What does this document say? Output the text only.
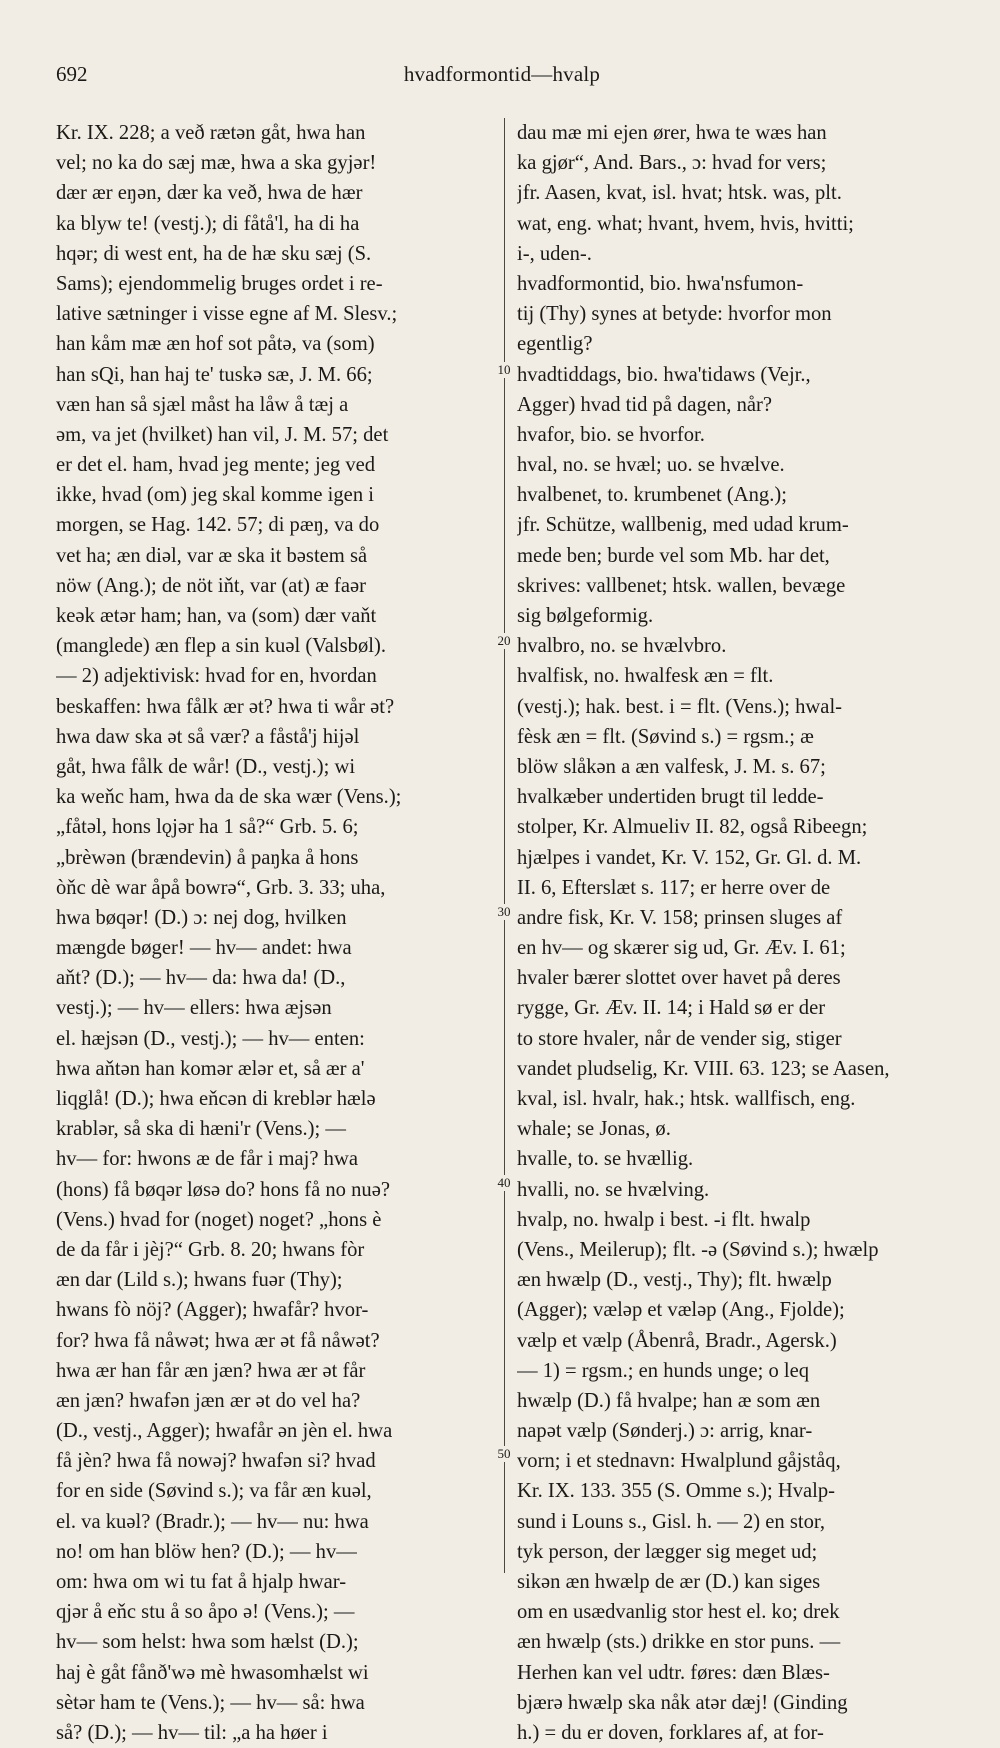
692	hvadformontid—hvalp
Kr. IX. 228; a veð rætən gåt, hwa han
vel; no ka do sæj mæ, hwa a ska gyjər!
dær ær eŋən, dær ka veð, hwa de hær
ka blyw te! (vestj.); di fåtå'l, ha di ha
hqər; di west ent, ha de hæ sku sæj (S.
Sams); ejendommelig bruges ordet i re-
lative sætninger i visse egne af M. Slesv.;
han kåm mæ æn hof sot påtə, va (som)
han sQi, han haj te' tuskə sæ, J. M. 66;
væn han så sjæl måst ha låw å tæj a
əm, va jet (hvilket) han vil, J. M. 57; det
er det el. ham, hvad jeg mente; jeg ved
ikke, hvad (om) jeg skal komme igen i
morgen, se Hag. 142. 57; di pæŋ, va do
vet ha; æn diəl, var æ ska it bəstem så
nöw (Ang.); de nöt iňt, var (at) æ faər
keək ætər ham; han, va (som) dær vaňt
(manglede) æn flep a sin kuəl (Valsbøl).
— 2) adjektivisk: hvad for en, hvordan
beskaffen: hwa fålk ær ət? hwa ti wår ət?
hwa daw ska ət så vær? a fåstå'j hijəl
gåt, hwa fålk de wår! (D., vestj.); wi
ka weňc ham, hwa da de ska wær (Vens.);
„fåtəl, hons lǫjər ha 1 så?“ Grb. 5. 6;
„brèwən (brændevin) å paŋka å hons
òňc dè war åpå bowrə“, Grb. 3. 33; uha,
hwa bøqər! (D.) ɔ: nej dog, hvilken
mængde bøger! — hv— andet: hwa
aňt? (D.); — hv— da: hwa da! (D.,
vestj.); — hv— ellers: hwa æjsən
el. hæjsən (D., vestj.); — hv— enten:
hwa aňtən han komər ælər et, så ær a'
liqglå! (D.); hwa eňcən di kreblər hælə
krablər, så ska di hæni'r (Vens.); —
hv— for: hwons æ de får i maj? hwa
(hons) få bøqər løsə do? hons få no nuə?
(Vens.) hvad for (noget) noget? „hons è
de da får i jèj?“ Grb. 8. 20; hwans fòr
æn dar (Lild s.); hwans fuər (Thy);
hwans fò nöj? (Agger); hwafår? hvor-
for? hwa få nåwət; hwa ær ət få nåwət?
hwa ær han får æn jæn? hwa ær ət får
æn jæn? hwafən jæn ær ət do vel ha?
(D., vestj., Agger); hwafår ən jèn el. hwa
få jèn? hwa få nowəj? hwafən si? hvad
for en side (Søvind s.); va får æn kuəl,
el. va kuəl? (Bradr.); — hv— nu: hwa
no! om han blöw hen? (D.); — hv—
om: hwa om wi tu fat å hjalp hwar-
qjər å eňc stu å so åpo ə! (Vens.); —
hv— som helst: hwa som hælst (D.);
haj è gåt fånð'wə mè hwasomhælst wi
sètər ham te (Vens.); — hv— så: hwa
så? (D.); — hv— til: „a ha høer i
dau mæ mi ejen ører, hwa te wæs han
ka gjør“, And. Bars., ɔ: hvad for vers;
jfr. Aasen, kvat, isl. hvat; htsk. was, plt.
wat, eng. what; hvant, hvem, hvis, hvitti;
i-, uden-.
hvadformontid, bio. hwa'nsfumon-
tij (Thy) synes at betyde: hvorfor mon
egentlig?
hvadtiddags, bio. hwa'tidaws (Vejr.,
Agger) hvad tid på dagen, når?
hvafor, bio. se hvorfor.
hval, no. se hvæl; uo. se hvælve.
hvalbenet, to. krumbenet (Ang.);
jfr. Schütze, wallbenig, med udad krum-
mede ben; burde vel som Mb. har det,
skrives: vallbenet; htsk. wallen, bevæge
sig bølgeformig.
hvalbro, no. se hvælvbro.
hvalfisk, no. hwalfesk æn = flt.
(vestj.); hak. best. i = flt. (Vens.); hwal-
fèsk æn = flt. (Søvind s.) = rgsm.; æ
blöw slåkən a æn valfesk, J. M. s. 67;
hvalkæber undertiden brugt til ledde-
stolper, Kr. Almueliv II. 82, også Ribeegn;
hjælpes i vandet, Kr. V. 152, Gr. Gl. d. M.
II. 6, Efterslæt s. 117; er herre over de
andre fisk, Kr. V. 158; prinsen sluges af
en hv— og skærer sig ud, Gr. Æv. I. 61;
hvaler bærer slottet over havet på deres
rygge, Gr. Æv. II. 14; i Hald sø er der
to store hvaler, når de vender sig, stiger
vandet pludselig, Kr. VIII. 63. 123; se Aasen,
kval, isl. hvalr, hak.; htsk. wallfisch, eng.
whale; se Jonas, ø.
hvalle, to. se hvællig.
hvalli, no. se hvælving.
hvalp, no. hwalp i best. -i flt. hwalp
(Vens., Meilerup); flt. -ə (Søvind s.); hwælp
æn hwælp (D., vestj., Thy); flt. hwælp
(Agger); væləp et væləp (Ang., Fjolde);
vælp et vælp (Åbenrå, Bradr., Agersk.)
— 1) = rgsm.; en hunds unge; o leq
hwælp (D.) få hvalpe; han æ som æn
napət vælp (Sønderj.) ɔ: arrig, knar-
vorn; i et stednavn: Hwalplund gåjståq,
Kr. IX. 133. 355 (S. Omme s.); Hvalp-
sund i Louns s., Gisl. h. — 2) en stor,
tyk person, der lægger sig meget ud;
sikən æn hwælp de ær (D.) kan siges
om en usædvanlig stor hest el. ko; drek
æn hwælp (sts.) drikke en stor puns. —
Herhen kan vel udtr. føres: dæn Blæs-
bjærə hwælp ska nåk atər dæj! (Ginding
h.) = du er doven, forklares af, at for-
10
20
30
40
50
